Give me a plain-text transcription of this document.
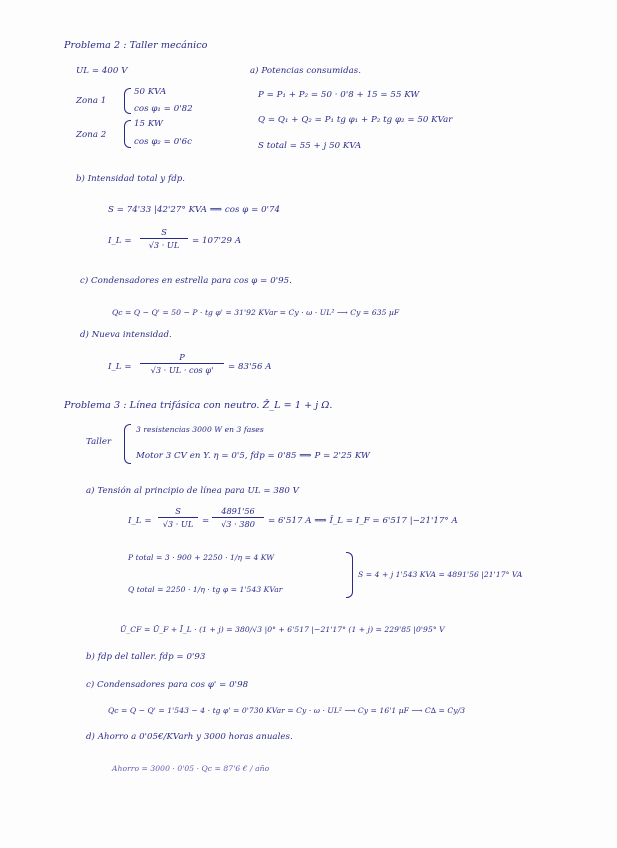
Problema 2 : Taller mecánico
UL = 400 V
Zona 1
50 KVA
cos φ₁ = 0'82
Zona 2
15 KW
cos φ₂ = 0'6c
a) Potencias consumidas.
P = P₁ + P₂ = 50 · 0'8 + 15 = 55 KW
Q = Q₁ + Q₂ = P₁ tg φ₁ + P₂ tg φ₂ = 50 KVar
S total = 55 + j 50 KVA
b) Intensidad total y fdp.
S = 74'33 |42'27° KVA ⟹ cos φ = 0'74
I_L =
S
√3 · UL	= 107'29 A
c) Condensadores en estrella para cos φ = 0'95.
Qc = Q − Q' = 50 − P · tg φ' = 31'92 KVar = Cy · ω · UL² ⟶ Cy = 635 µF
d) Nueva intensidad.
I_L =
P
√3 · UL · cos φ'	= 83'56 A
Problema 3 : Línea trifásica con neutro. Ẑ_L = 1 + j Ω.
Taller
3 resistencias 3000 W en 3 fases
Motor 3 CV en Y. η = 0'5, fdp = 0'85 ⟹ P = 2'25 KW
a) Tensión al principio de línea para UL = 380 V
I_L =
S
√3 · UL	=
4891'56
√3 · 380	= 6'517 A ⟹ Ī_L = I_F = 6'517 |−21'17° A
P total = 3 · 900 + 2250 · 1/η = 4 KW
Q total = 2250 · 1/η · tg φ = 1'543 KVar
S = 4 + j 1'543 KVA = 4891'56 |21'17° VA
Ū_CF = Ū_F + Ī_L · (1 + j) = 380/√3 |0° + 6'517 |−21'17° (1 + j) = 229'85 |0'95° V
b) fdp del taller. fdp = 0'93
c) Condensadores para cos φ' = 0'98
Qc = Q − Q' = 1'543 − 4 · tg φ' = 0'730 KVar = Cy · ω · UL² ⟶ Cy = 16'1 µF ⟶ C∆ = Cy/3
d) Ahorro a 0'05€/KVarh y 3000 horas anuales.
Ahorro = 3000 · 0'05 · Qc = 87'6 € / año
